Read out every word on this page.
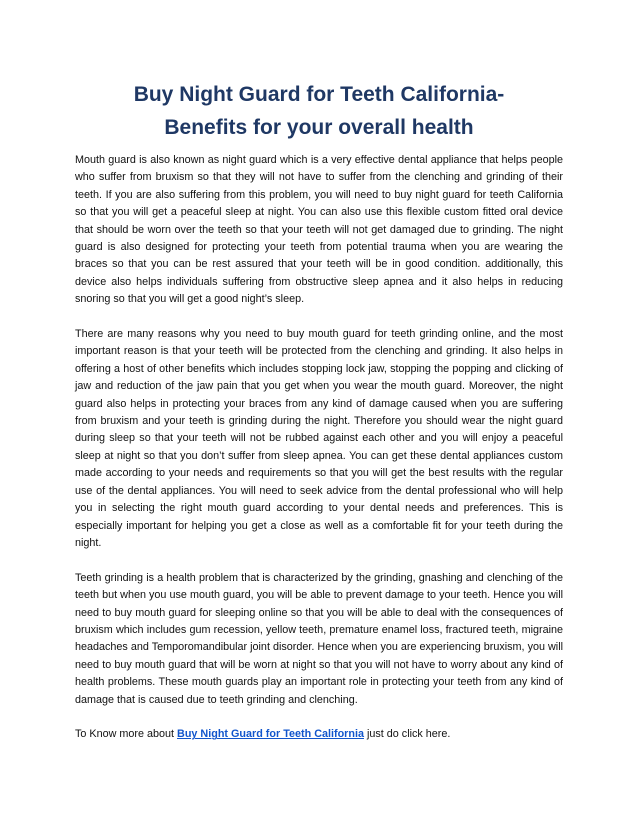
Buy Night Guard for Teeth California-
Benefits for your overall health

Mouth guard is also known as night guard which is a very effective dental appliance that helps people who suffer from bruxism so that they will not have to suffer from the clenching and grinding of their teeth. If you are also suffering from this problem, you will need to buy night guard for teeth California so that you will get a peaceful sleep at night. You can also use this flexible custom fitted oral device that should be worn over the teeth so that your teeth will not get damaged due to grinding. The night guard is also designed for protecting your teeth from potential trauma when you are wearing the braces so that you can be rest assured that your teeth will be in good condition. additionally, this device also helps individuals suffering from obstructive sleep apnea and it also helps in reducing snoring so that you will get a good night’s sleep.

There are many reasons why you need to buy mouth guard for teeth grinding online, and the most important reason is that your teeth will be protected from the clenching and grinding. It also helps in offering a host of other benefits which includes stopping lock jaw, stopping the popping and clicking of jaw and reduction of the jaw pain that you get when you wear the mouth guard. Moreover, the night guard also helps in protecting your braces from any kind of damage caused when you are suffering from bruxism and your teeth is grinding during the night. Therefore you should wear the night guard during sleep so that your teeth will not be rubbed against each other and you will enjoy a peaceful sleep at night so that you don’t suffer from sleep apnea. You can get these dental appliances custom made according to your needs and requirements so that you will get the best results with the regular use of the dental appliances. You will need to seek advice from the dental professional who will help you in selecting the right mouth guard according to your dental needs and preferences. This is especially important for helping you get a close as well as a comfortable fit for your teeth during the night.

Teeth grinding is a health problem that is characterized by the grinding, gnashing and clenching of the teeth but when you use mouth guard, you will be able to prevent damage to your teeth. Hence you will need to buy mouth guard for sleeping online so that you will be able to deal with the consequences of bruxism which includes gum recession, yellow teeth, premature enamel loss, fractured teeth, migraine headaches and Temporomandibular joint disorder. Hence when you are experiencing bruxism, you will need to buy mouth guard that will be worn at night so that you will not have to worry about any kind of health problems. These mouth guards play an important role in protecting your teeth from any kind of damage that is caused due to teeth grinding and clenching.

To Know more about Buy Night Guard for Teeth California just do click here.
